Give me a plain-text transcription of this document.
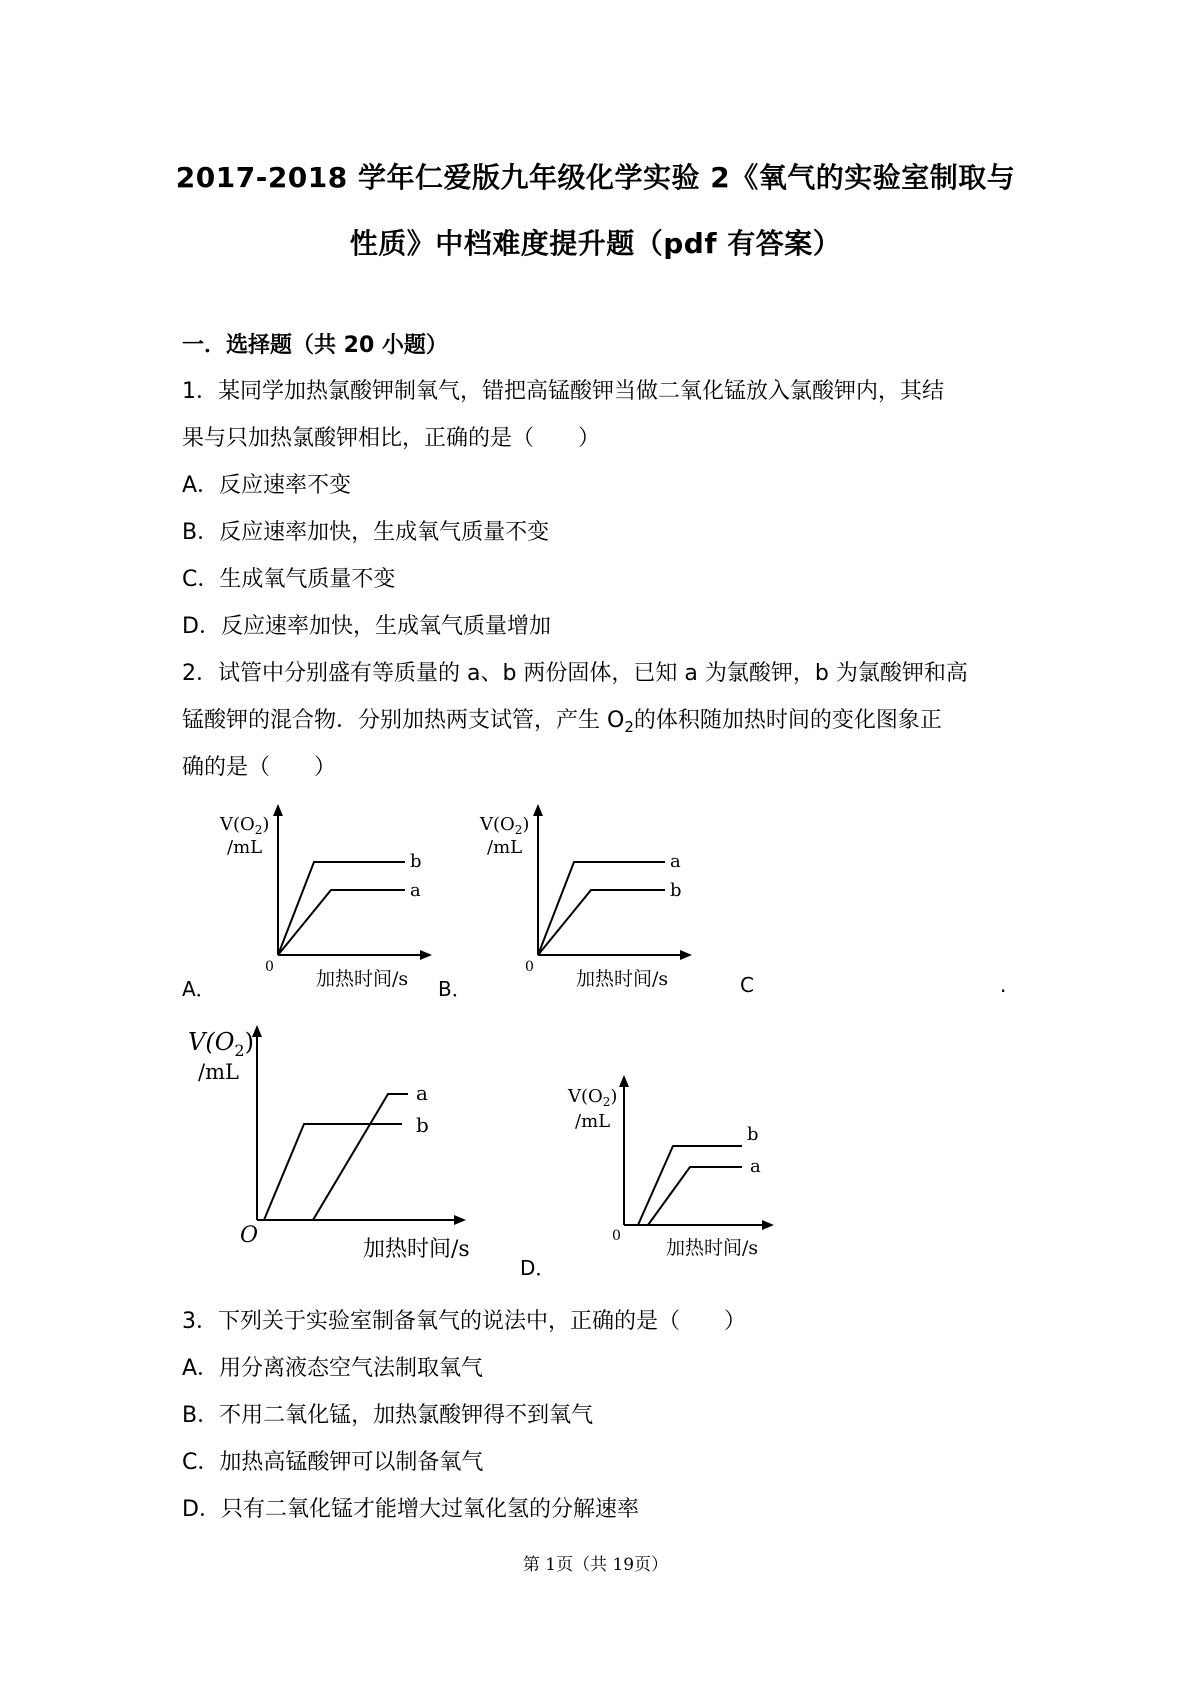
2017-2018 学年仁爱版九年级化学实验 2《氧气的实验室制取与
性质》中档难度提升题（pdf 有答案）
一．选择题（共 20 小题）
1．某同学加热氯酸钾制氧气，错把高锰酸钾当做二氧化锰放入氯酸钾内，其结
果与只加热氯酸钾相比，正确的是（　　）
A．反应速率不变
B．反应速率加快，生成氧气质量不变
C．生成氧气质量不变
D．反应速率加快，生成氧气质量增加
2．试管中分别盛有等质量的 a、b 两份固体，已知 a 为氯酸钾，b 为氯酸钾和高
锰酸钾的混合物．分别加热两支试管，产生 $O_2$的体积随加热时间的变化图象正
确的是（　　）
$V(O_2)$
/mL
b
a
0
加热时间/s
A．
$V(O_2)$
/mL
a
b
0
加热时间/s
B．	C	.
$V(O_2)$
/mL
a
b
O
加热时间/s
$V(O_2)$
/mL
b
a
0
加热时间/s
D．
3．下列关于实验室制备氧气的说法中，正确的是（　　）
A．用分离液态空气法制取氧气
B．不用二氧化锰，加热氯酸钾得不到氧气
C．加热高锰酸钾可以制备氧气
D．只有二氧化锰才能增大过氧化氢的分解速率
第 1页（共 19页）
